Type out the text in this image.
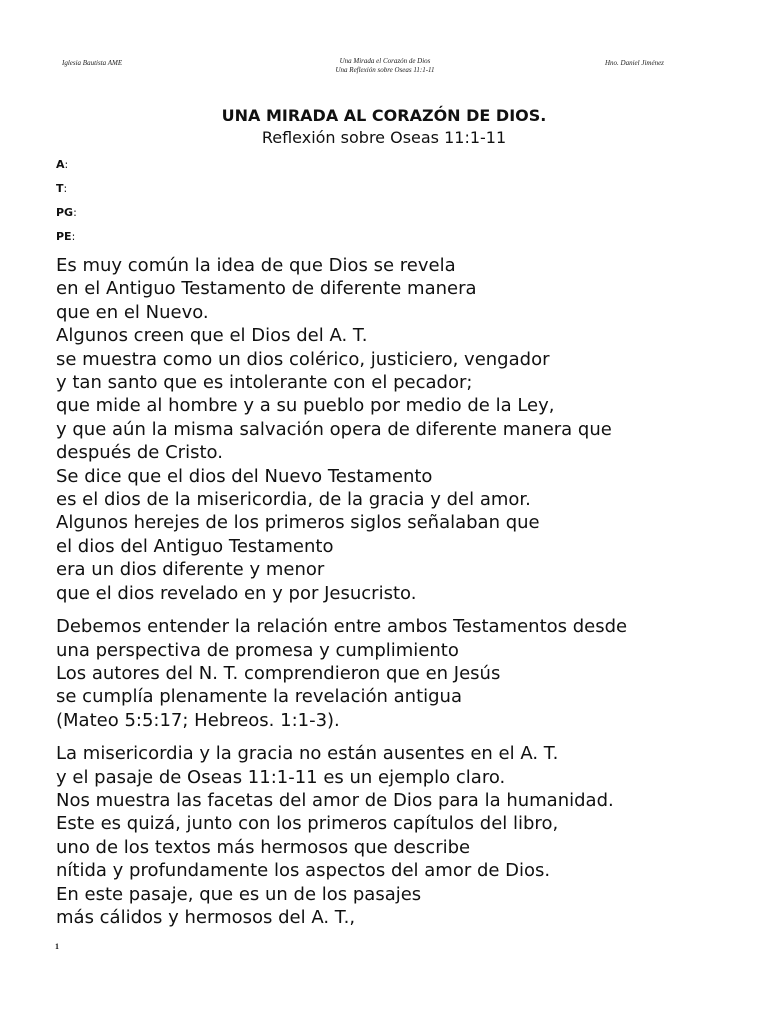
Iglesia Bautista AME	Una Mirada el Corazón de Dios
Una Reflexión sobre Oseas 11:1-11
Hno. Daniel Jiménez
UNA MIRADA AL CORAZÓN DE DIOS.
Reflexión sobre Oseas 11:1-11
A:
T:
PG:
PE:
Es muy común la idea de que Dios se revela
en el Antiguo Testamento de diferente manera
que en el Nuevo.
Algunos creen que el Dios del A. T.
se muestra como un dios colérico, justiciero, vengador
y tan santo que es intolerante con el pecador;
que mide al hombre y a su pueblo por medio de la Ley,
y que aún la misma salvación opera de diferente manera que
después de Cristo.
Se dice que el dios del Nuevo Testamento
es el dios de la misericordia, de la gracia y del amor.
Algunos herejes de los primeros siglos señalaban que
el dios del Antiguo Testamento
era un dios diferente y menor
que el dios revelado en y por Jesucristo.
Debemos entender la relación entre ambos Testamentos desde
una perspectiva de promesa y cumplimiento
Los autores del N. T. comprendieron que en Jesús
se cumplía plenamente la revelación antigua
(Mateo 5:5:17; Hebreos. 1:1-3).
La misericordia y la gracia no están ausentes en el A. T.
y el pasaje de Oseas 11:1-11 es un ejemplo claro.
Nos muestra las facetas del amor de Dios para la humanidad.
Este es quizá, junto con los primeros capítulos del libro,
uno de los textos más hermosos que describe
nítida y profundamente los aspectos del amor de Dios.
En este pasaje, que es un de los pasajes
más cálidos y hermosos del A. T.,
1
